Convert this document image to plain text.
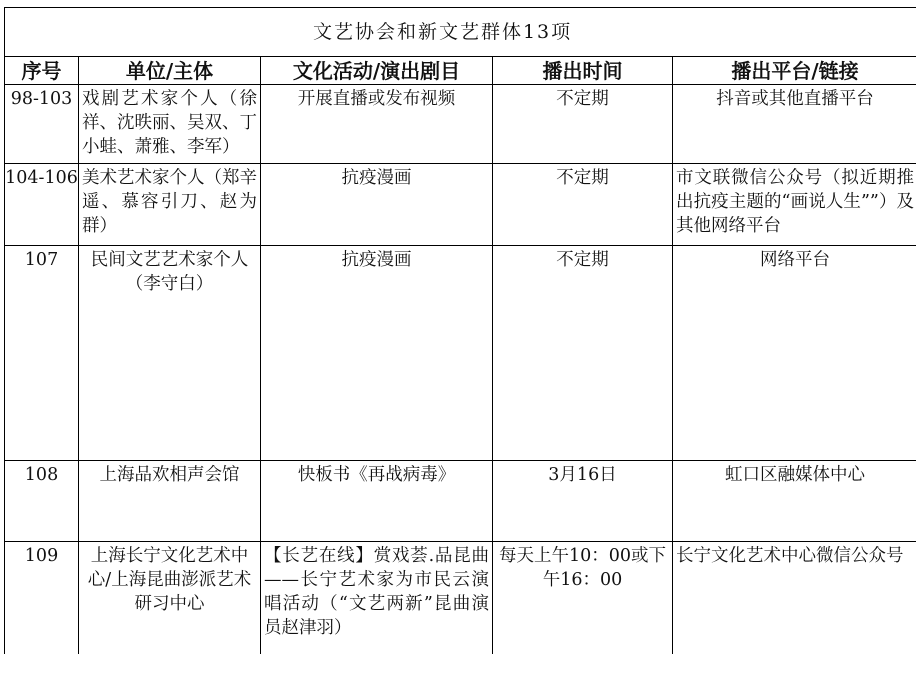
文艺协会和新文艺群体13项				
序号	单位/主体	文化活动/演出剧目	播出时间	播出平台/链接
98-103	戏剧艺术家个人（徐祥、沈昳丽、吴双、丁小蛙、萧雅、李军）	开展直播或发布视频	不定期	抖音或其他直播平台
104-106	美术艺术家个人（郑辛遥、慕容引刀、赵为群）	抗疫漫画	不定期	市文联微信公众号（拟近期推出抗疫主题的“画说人生””）及其他网络平台
107	民间文艺艺术家个人（李守白）	抗疫漫画	不定期	网络平台
108	上海品欢相声会馆	快板书《再战病毒》	3月16日	虹口区融媒体中心
109	上海长宁文化艺术中心/上海昆曲澎派艺术研习中心	【长艺在线】赏戏荟.品昆曲——长宁艺术家为市民云演唱活动（“文艺两新”昆曲演员赵津羽）	每天上午10：00或下午16：00	长宁文化艺术中心微信公众号
